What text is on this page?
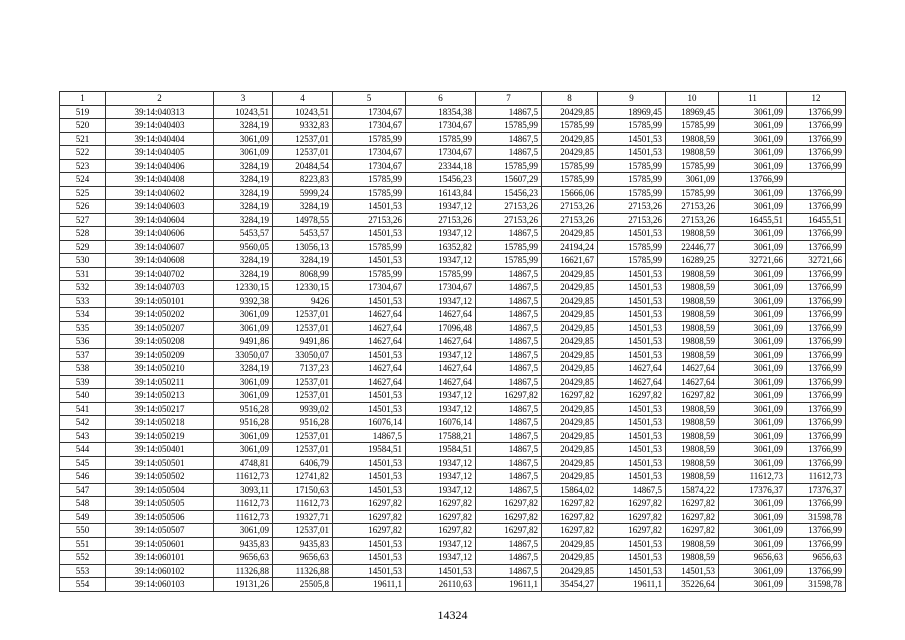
1	2	3	4	5	6	7	8	9	10	11	12
519	39:14:040313	10243,51	10243,51	17304,67	18354,38	14867,5	20429,85	18969,45	18969,45	3061,09	13766,99
520	39:14:040403	3284,19	9332,83	17304,67	17304,67	15785,99	15785,99	15785,99	15785,99	3061,09	13766,99
521	39:14:040404	3061,09	12537,01	15785,99	15785,99	14867,5	20429,85	14501,53	19808,59	3061,09	13766,99
522	39:14:040405	3061,09	12537,01	17304,67	17304,67	14867,5	20429,85	14501,53	19808,59	3061,09	13766,99
523	39:14:040406	3284,19	20484,54	17304,67	23344,18	15785,99	15785,99	15785,99	15785,99	3061,09	13766,99
524	39:14:040408	3284,19	8223,83	15785,99	15456,23	15607,29	15785,99	15785,99	3061,09	13766,99	
525	39:14:040602	3284,19	5999,24	15785,99	16143,84	15456,23	15666,06	15785,99	15785,99	3061,09	13766,99
526	39:14:040603	3284,19	3284,19	14501,53	19347,12	27153,26	27153,26	27153,26	27153,26	3061,09	13766,99
527	39:14:040604	3284,19	14978,55	27153,26	27153,26	27153,26	27153,26	27153,26	27153,26	16455,51	16455,51
528	39:14:040606	5453,57	5453,57	14501,53	19347,12	14867,5	20429,85	14501,53	19808,59	3061,09	13766,99
529	39:14:040607	9560,05	13056,13	15785,99	16352,82	15785,99	24194,24	15785,99	22446,77	3061,09	13766,99
530	39:14:040608	3284,19	3284,19	14501,53	19347,12	15785,99	16621,67	15785,99	16289,25	32721,66	32721,66
531	39:14:040702	3284,19	8068,99	15785,99	15785,99	14867,5	20429,85	14501,53	19808,59	3061,09	13766,99
532	39:14:040703	12330,15	12330,15	17304,67	17304,67	14867,5	20429,85	14501,53	19808,59	3061,09	13766,99
533	39:14:050101	9392,38	9426	14501,53	19347,12	14867,5	20429,85	14501,53	19808,59	3061,09	13766,99
534	39:14:050202	3061,09	12537,01	14627,64	14627,64	14867,5	20429,85	14501,53	19808,59	3061,09	13766,99
535	39:14:050207	3061,09	12537,01	14627,64	17096,48	14867,5	20429,85	14501,53	19808,59	3061,09	13766,99
536	39:14:050208	9491,86	9491,86	14627,64	14627,64	14867,5	20429,85	14501,53	19808,59	3061,09	13766,99
537	39:14:050209	33050,07	33050,07	14501,53	19347,12	14867,5	20429,85	14501,53	19808,59	3061,09	13766,99
538	39:14:050210	3284,19	7137,23	14627,64	14627,64	14867,5	20429,85	14627,64	14627,64	3061,09	13766,99
539	39:14:050211	3061,09	12537,01	14627,64	14627,64	14867,5	20429,85	14627,64	14627,64	3061,09	13766,99
540	39:14:050213	3061,09	12537,01	14501,53	19347,12	16297,82	16297,82	16297,82	16297,82	3061,09	13766,99
541	39:14:050217	9516,28	9939,02	14501,53	19347,12	14867,5	20429,85	14501,53	19808,59	3061,09	13766,99
542	39:14:050218	9516,28	9516,28	16076,14	16076,14	14867,5	20429,85	14501,53	19808,59	3061,09	13766,99
543	39:14:050219	3061,09	12537,01	14867,5	17588,21	14867,5	20429,85	14501,53	19808,59	3061,09	13766,99
544	39:14:050401	3061,09	12537,01	19584,51	19584,51	14867,5	20429,85	14501,53	19808,59	3061,09	13766,99
545	39:14:050501	4748,81	6406,79	14501,53	19347,12	14867,5	20429,85	14501,53	19808,59	3061,09	13766,99
546	39:14:050502	11612,73	12741,82	14501,53	19347,12	14867,5	20429,85	14501,53	19808,59	11612,73	11612,73
547	39:14:050504	3093,11	17150,63	14501,53	19347,12	14867,5	15864,02	14867,5	15874,22	17376,37	17376,37
548	39:14:050505	11612,73	11612,73	16297,82	16297,82	16297,82	16297,82	16297,82	16297,82	3061,09	13766,99
549	39:14:050506	11612,73	19327,71	16297,82	16297,82	16297,82	16297,82	16297,82	16297,82	3061,09	31598,78
550	39:14:050507	3061,09	12537,01	16297,82	16297,82	16297,82	16297,82	16297,82	16297,82	3061,09	13766,99
551	39:14:050601	9435,83	9435,83	14501,53	19347,12	14867,5	20429,85	14501,53	19808,59	3061,09	13766,99
552	39:14:060101	9656,63	9656,63	14501,53	19347,12	14867,5	20429,85	14501,53	19808,59	9656,63	9656,63
553	39:14:060102	11326,88	11326,88	14501,53	14501,53	14867,5	20429,85	14501,53	14501,53	3061,09	13766,99
554	39:14:060103	19131,26	25505,8	19611,1	26110,63	19611,1	35454,27	19611,1	35226,64	3061,09	31598,78
14324
